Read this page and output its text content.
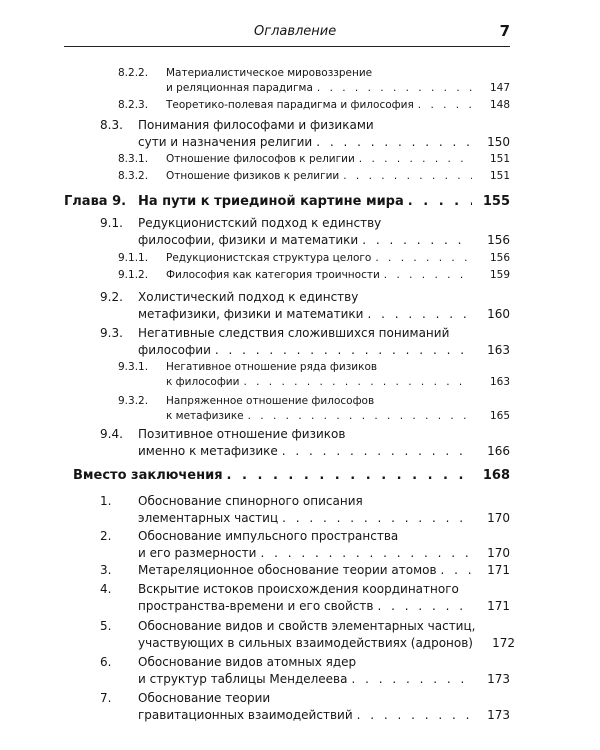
Оглавление	7
8.2.2.	Материалистическое мировоззрение
и реляционная парадигма . . .	147
8.2.3.	Теоретико-полевая парадигма и философия . . .	148
8.3.	Понимания философами и физиками
сути и назначения религии . . .	150
8.3.1.	Отношение философов к религии . . .	151
8.3.2.	Отношение физиков к религии . . .	151
Глава 9. На пути к триединой картине мира . . .	155
9.1.	Редукционистский подход к единству
философии, физики и математики . . .	156
9.1.1.	Редукционистская структура целого . . .	156
9.1.2.	Философия как категория троичности . . .	159
9.2.	Холистический подход к единству
метафизики, физики и математики . . .	160
9.3.	Негативные следствия сложившихся пониманий
философии . . .	163
9.3.1.	Негативное отношение ряда физиков
к философии . . .	163
9.3.2.	Напряженное отношение философов
к метафизике . . .	165
9.4.	Позитивное отношение физиков
именно к метафизике . . .	166
Вместо заключения . . .	168
1.	Обоснование спинорного описания
элементарных частиц . . .	170
2.	Обоснование импульсного пространства
и его размерности . . .	170
3.	Метареляционное обоснование теории атомов . . .	171
4.	Вскрытие истоков происхождения координатного
пространства-времени и его свойств . . .	171
5.	Обоснование видов и свойств элементарных частиц,
участвующих в сильных взаимодействиях (адронов)	172
6.	Обоснование видов атомных ядер
и структур таблицы Менделеева . . .	173
7.	Обоснование теории
гравитационных взаимодействий . . .	173
